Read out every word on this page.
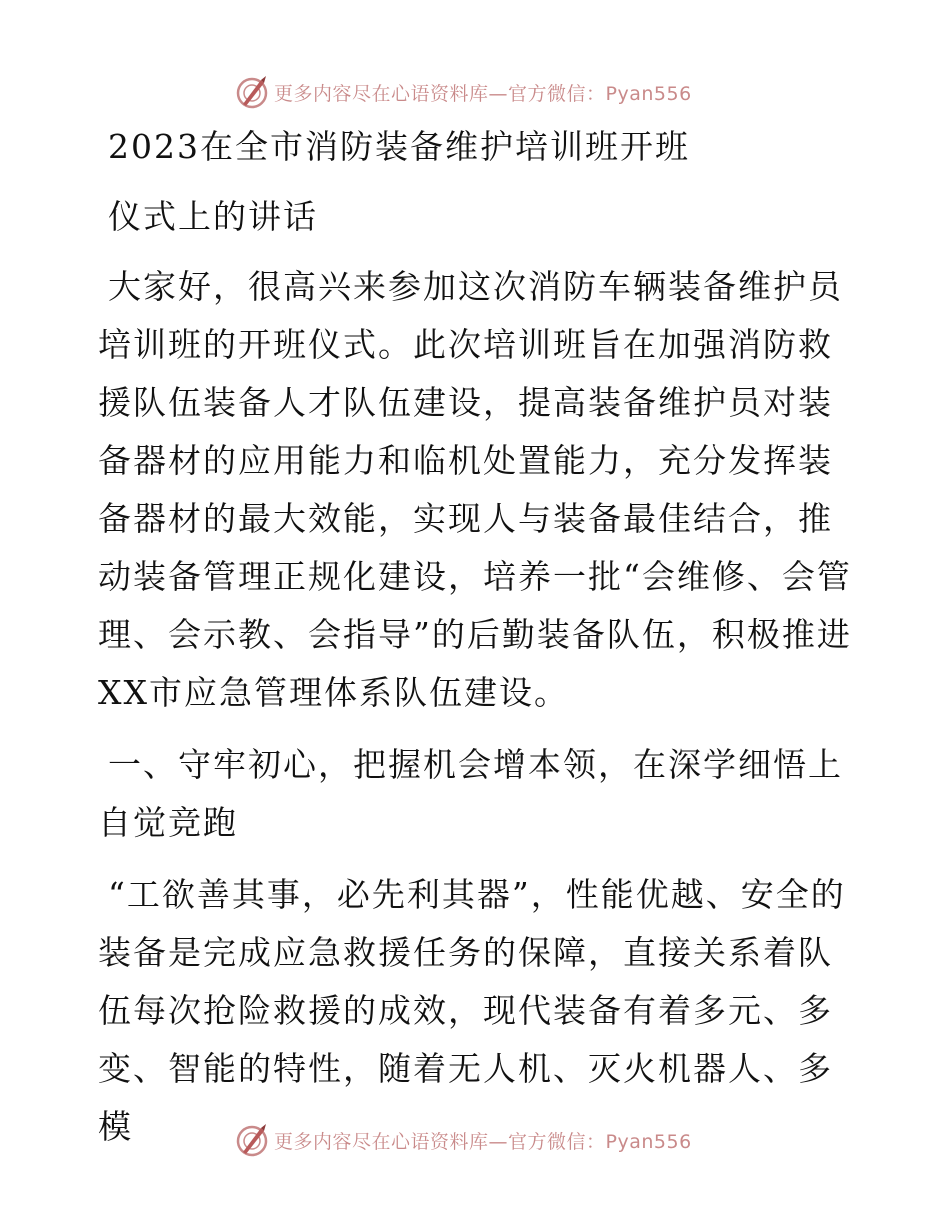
更多内容尽在心语资料库—官方微信：Pyan556

2023在全市消防装备维护培训班开班

仪式上的讲话

大家好，很高兴来参加这次消防车辆装备维护员培训班的开班仪式。此次培训班旨在加强消防救援队伍装备人才队伍建设，提高装备维护员对装备器材的应用能力和临机处置能力，充分发挥装备器材的最大效能，实现人与装备最佳结合，推动装备管理正规化建设，培养一批“会维修、会管理、会示教、会指导”的后勤装备队伍，积极推进XX市应急管理体系队伍建设。

一、守牢初心，把握机会增本领，在深学细悟上自觉竞跑

“工欲善其事，必先利其器”，性能优越、安全的装备是完成应急救援任务的保障，直接关系着队伍每次抢险救援的成效，现代装备有着多元、多变、智能的特性，随着无人机、灭火机器人、多模	更多内容尽在心语资料库—官方微信：Pyan556
